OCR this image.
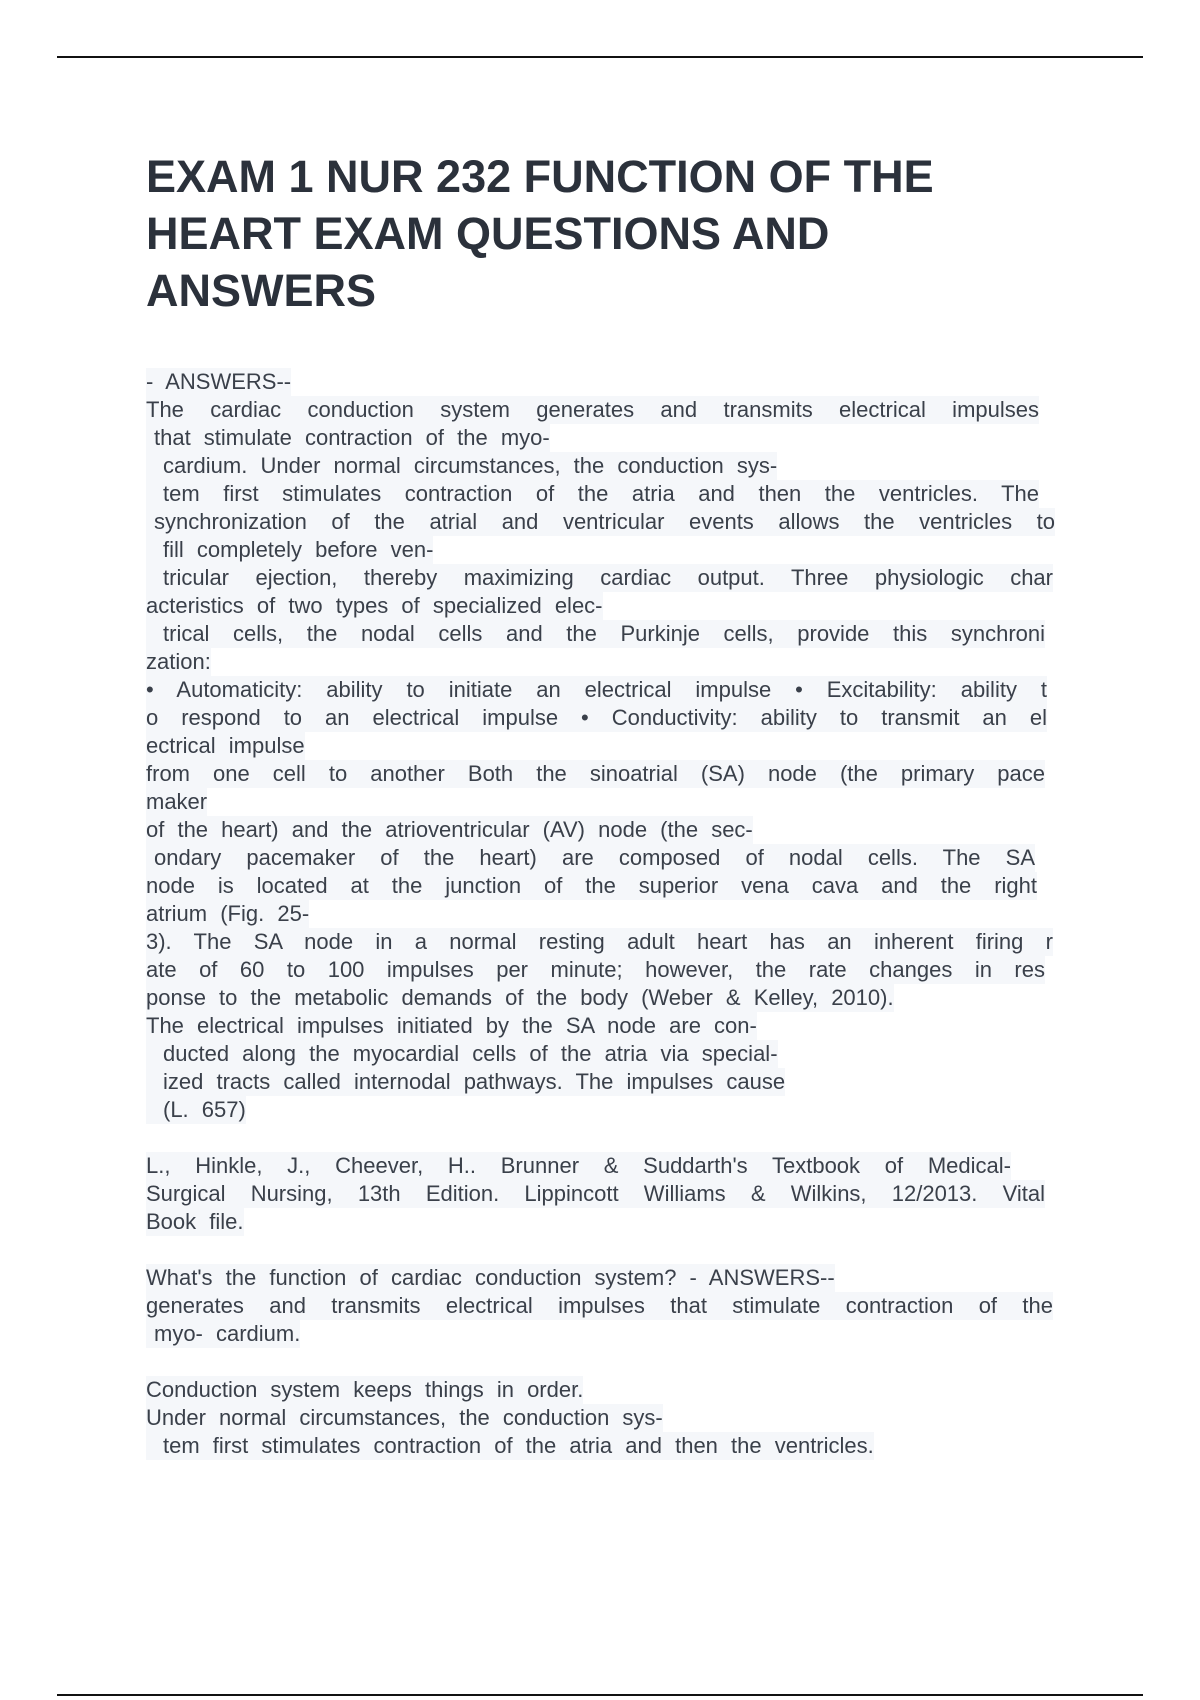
EXAM 1 NUR 232 FUNCTION OF THE
HEART EXAM QUESTIONS AND
ANSWERS
- ANSWERS--
The cardiac conduction system generates and transmits electrical impulses
that stimulate contraction of the myo-
cardium. Under normal circumstances, the conduction sys-
tem first stimulates contraction of the atria and then the ventricles. The
synchronization of the atrial and ventricular events allows the ventricles to
fill completely before ven-
tricular ejection, thereby maximizing cardiac output. Three physiologic char
acteristics of two types of specialized elec-
trical cells, the nodal cells and the Purkinje cells, provide this synchroni
zation:
• Automaticity: ability to initiate an electrical impulse • Excitability: ability t
o respond to an electrical impulse • Conductivity: ability to transmit an el
ectrical impulse
from one cell to another Both the sinoatrial (SA) node (the primary pace
maker
of the heart) and the atrioventricular (AV) node (the sec-
ondary pacemaker of the heart) are composed of nodal cells. The SA
node is located at the junction of the superior vena cava and the right
atrium (Fig. 25-
3). The SA node in a normal resting adult heart has an inherent firing r
ate of 60 to 100 impulses per minute; however, the rate changes in res
ponse to the metabolic demands of the body (Weber & Kelley, 2010).
The electrical impulses initiated by the SA node are con-
ducted along the myocardial cells of the atria via special-
ized tracts called internodal pathways. The impulses cause
(L. 657)
L., Hinkle, J., Cheever, H.. Brunner & Suddarth's Textbook of Medical-
Surgical Nursing, 13th Edition. Lippincott Williams & Wilkins, 12/2013. Vital
Book file.
What's the function of cardiac conduction system? - ANSWERS--
generates and transmits electrical impulses that stimulate contraction of the
myo- cardium.
Conduction system keeps things in order.
Under normal circumstances, the conduction sys-
tem first stimulates contraction of the atria and then the ventricles.
